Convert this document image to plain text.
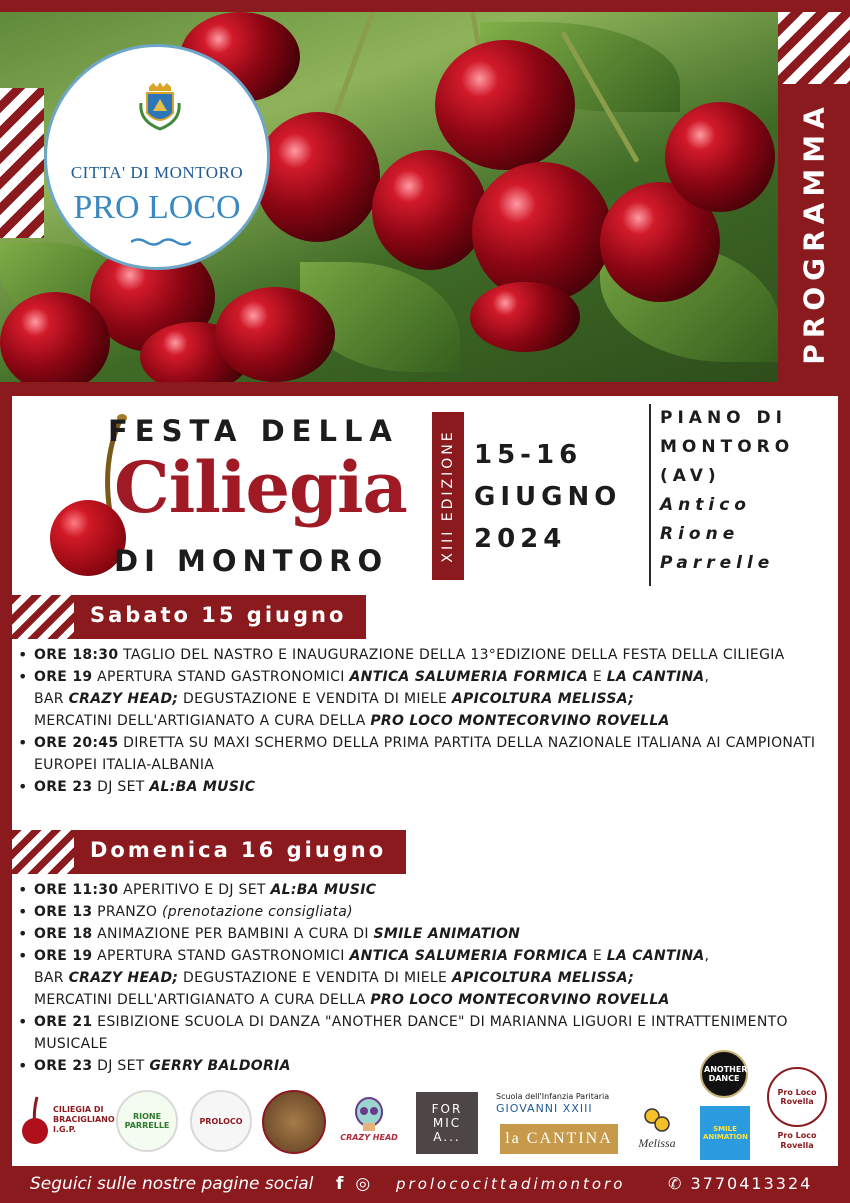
CITTA' DI MONTORO
PRO LOCO	PROGRAMMA
FESTA DELLA
Ciliegia
DI MONTORO	XIII EDIZIONE 15-16
GIUGNO
2024
PIANO DI
MONTORO
(AV)
Antico
Rione
Parrelle
Sabato 15 giugno
• ORE 18:30 TAGLIO DEL NASTRO E INAUGURAZIONE DELLA 13°EDIZIONE DELLA FESTA DELLA CILIEGIA
• ORE 19 APERTURA STAND GASTRONOMICI ANTICA SALUMERIA FORMICA E LA CANTINA,
BAR CRAZY HEAD; DEGUSTAZIONE E VENDITA DI MIELE APICOLTURA MELISSA;
MERCATINI DELL'ARTIGIANATO A CURA DELLA PRO LOCO MONTECORVINO ROVELLA
• ORE 20:45 DIRETTA SU MAXI SCHERMO DELLA PRIMA PARTITA DELLA NAZIONALE ITALIANA AI CAMPIONATI EUROPEI ITALIA-ALBANIA
• ORE 23 DJ SET AL:BA MUSIC
Domenica 16 giugno
• ORE 11:30 APERITIVO E DJ SET AL:BA MUSIC
• ORE 13 PRANZO (prenotazione consigliata)
• ORE 18 ANIMAZIONE PER BAMBINI A CURA DI SMILE ANIMATION
• ORE 19 APERTURA STAND GASTRONOMICI ANTICA SALUMERIA FORMICA E LA CANTINA,
BAR CRAZY HEAD; DEGUSTAZIONE E VENDITA DI MIELE APICOLTURA MELISSA;
MERCATINI DELL'ARTIGIANATO A CURA DELLA PRO LOCO MONTECORVINO ROVELLA
• ORE 21 ESIBIZIONE SCUOLA DI DANZA "ANOTHER DANCE" DI MARIANNA LIGUORI E INTRATTENIMENTO MUSICALE
• ORE 23 DJ SET GERRY BALDORIA
CILIEGIA DI BRACIGLIANO I.G.P.
RIONE PARRELLE	PROLOCO
CRAZY HEAD
FOR MIC A...
Scuola dell'Infanzia Paritaria
GIOVANNI XXIII
la CANTINA Melissa
ANOTHER DANCE
SMILE ANIMATION
Pro Loco Rovella
Pro Loco Rovella
Seguici sulle nostre pagine social f ◎ prolococittadimontoro	✆ 3770413324
